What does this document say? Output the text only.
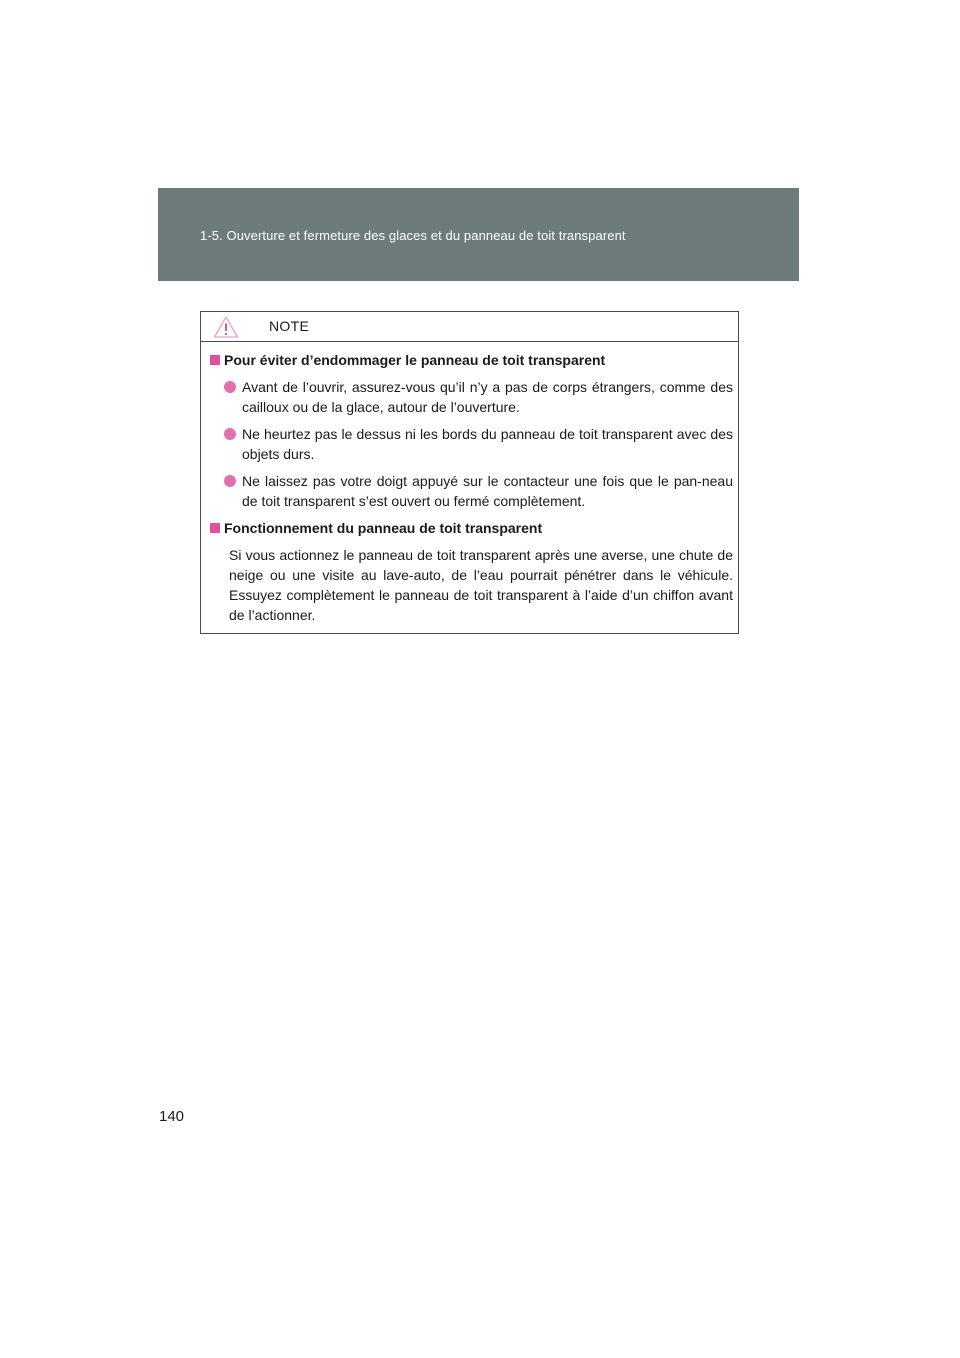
1-5. Ouverture et fermeture des glaces et du panneau de toit transparent
NOTE
Pour éviter d’endommager le panneau de toit transparent
Avant de l’ouvrir, assurez-vous qu’il n’y a pas de corps étrangers, comme des cailloux ou de la glace, autour de l’ouverture.
Ne heurtez pas le dessus ni les bords du panneau de toit transparent avec des objets durs.
Ne laissez pas votre doigt appuyé sur le contacteur une fois que le pan-neau de toit transparent s’est ouvert ou fermé complètement.
Fonctionnement du panneau de toit transparent
Si vous actionnez le panneau de toit transparent après une averse, une chute de neige ou une visite au lave-auto, de l’eau pourrait pénétrer dans le véhicule. Essuyez complètement le panneau de toit transparent à l’aide d’un chiffon avant de l’actionner.
140
